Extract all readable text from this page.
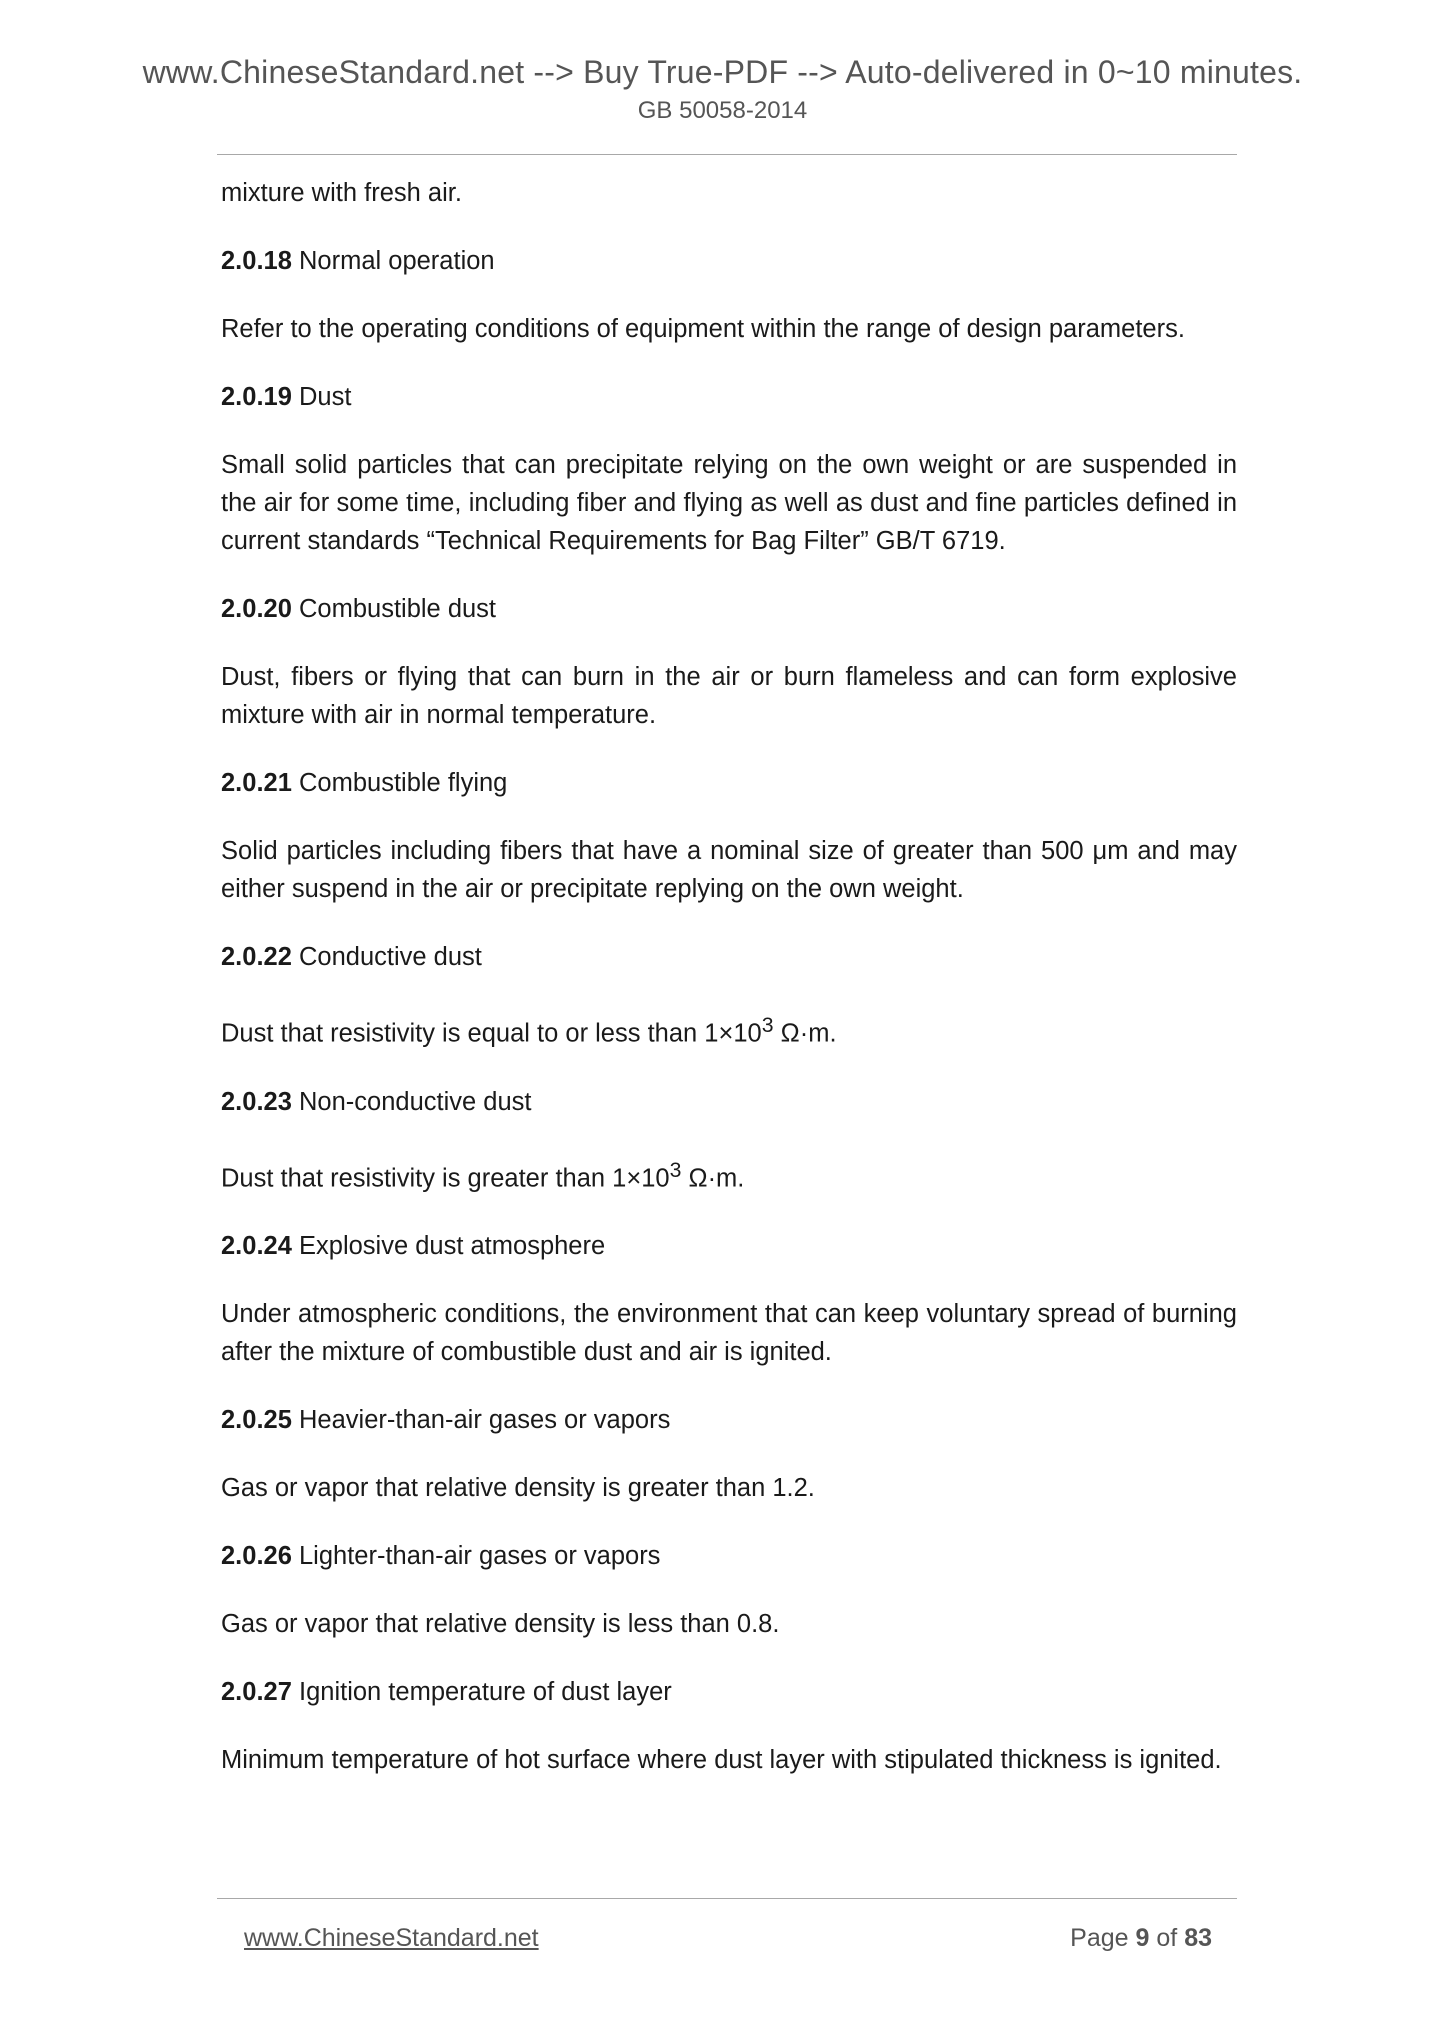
www.ChineseStandard.net --> Buy True-PDF --> Auto-delivered in 0~10 minutes.
GB 50058-2014

mixture with fresh air.

2.0.18 Normal operation

Refer to the operating conditions of equipment within the range of design parameters.

2.0.19 Dust

Small solid particles that can precipitate relying on the own weight or are suspended in the air for some time, including fiber and flying as well as dust and fine particles defined in current standards “Technical Requirements for Bag Filter” GB/T 6719.

2.0.20 Combustible dust

Dust, fibers or flying that can burn in the air or burn flameless and can form explosive mixture with air in normal temperature.

2.0.21 Combustible flying

Solid particles including fibers that have a nominal size of greater than 500 μm and may either suspend in the air or precipitate replying on the own weight.

2.0.22 Conductive dust

Dust that resistivity is equal to or less than $1\times 10^3$ Ω·m.

2.0.23 Non-conductive dust

Dust that resistivity is greater than $1\times 10^3$ Ω·m.

2.0.24 Explosive dust atmosphere

Under atmospheric conditions, the environment that can keep voluntary spread of burning after the mixture of combustible dust and air is ignited.

2.0.25 Heavier-than-air gases or vapors

Gas or vapor that relative density is greater than 1.2.

2.0.26 Lighter-than-air gases or vapors

Gas or vapor that relative density is less than 0.8.

2.0.27 Ignition temperature of dust layer

Minimum temperature of hot surface where dust layer with stipulated thickness is ignited.

www.ChineseStandard.net	Page 9 of 83
